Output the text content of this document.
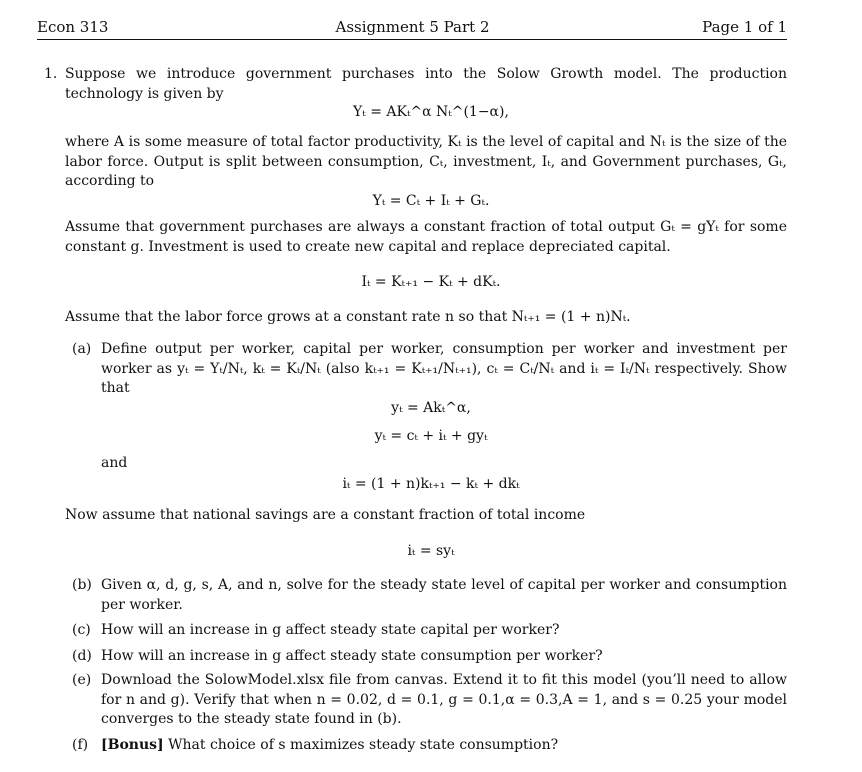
Econ 313	Assignment 5 Part 2	Page 1 of 1
1. Suppose we introduce government purchases into the Solow Growth model. The production technology is given by

Yₜ = AKₜ^α Nₜ^(1−α),

where A is some measure of total factor productivity, Kₜ is the level of capital and Nₜ is the size of the labor force. Output is split between consumption, Cₜ, investment, Iₜ, and Government purchases, Gₜ, according to

Yₜ = Cₜ + Iₜ + Gₜ.

Assume that government purchases are always a constant fraction of total output Gₜ = gYₜ for some constant g. Investment is used to create new capital and replace depreciated capital.

Iₜ = Kₜ₊₁ − Kₜ + dKₜ.

Assume that the labor force grows at a constant rate n so that Nₜ₊₁ = (1 + n)Nₜ.

(a) Define output per worker, capital per worker, consumption per worker and investment per worker as yₜ = Yₜ/Nₜ, kₜ = Kₜ/Nₜ (also kₜ₊₁ = Kₜ₊₁/Nₜ₊₁), cₜ = Cₜ/Nₜ and iₜ = Iₜ/Nₜ respectively. Show that

yₜ = Akₜ^α,
yₜ = cₜ + iₜ + gyₜ
and
iₜ = (1 + n)kₜ₊₁ − kₜ + dkₜ

Now assume that national savings are a constant fraction of total income

iₜ = syₜ
(b) Given α, d, g, s, A, and n, solve for the steady state level of capital per worker and consumption per worker.

(c) How will an increase in g affect steady state capital per worker?

(d) How will an increase in g affect steady state consumption per worker?

(e) Download the SolowModel.xlsx file from canvas. Extend it to fit this model (you’ll need to allow for n and g). Verify that when n = 0.02, d = 0.1, g = 0.1,α = 0.3,A = 1, and s = 0.25 your model converges to the steady state found in (b).

(f) [Bonus] What choice of s maximizes steady state consumption?
